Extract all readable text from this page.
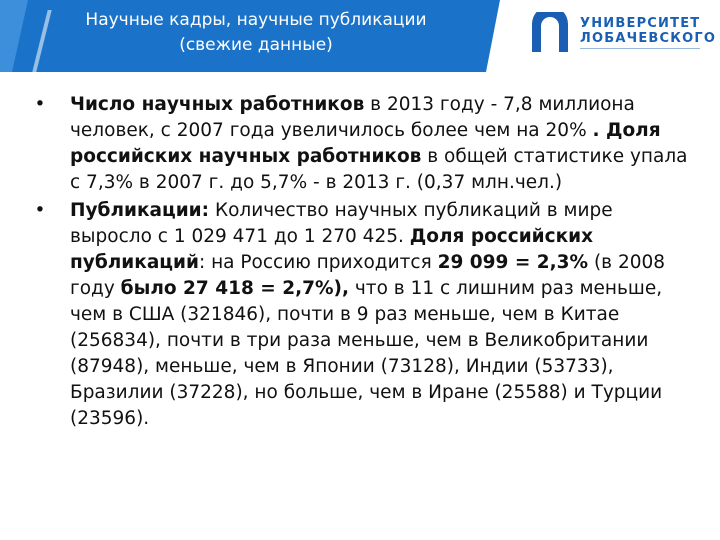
Научные кадры, научные публикации
(свежие данные)
УНИВЕРСИТЕТ
ЛОБАЧЕВСКОГО
• Число научных работников в 2013 году - 7,8 миллиона человек, с 2007 года увеличилось более чем на 20% . Доля российских научных работников в общей статистике упала с 7,3% в 2007 г. до 5,7% - в 2013 г. (0,37 млн.чел.)
• Публикации: Количество научных публикаций в мире выросло с 1 029 471 до 1 270 425. Доля российских публикаций: на Россию приходится 29 099 = 2,3% (в 2008 году было 27 418 = 2,7%), что в 11 с лишним раз меньше, чем в США (321846), почти в 9 раз меньше, чем в Китае (256834), почти в три раза меньше, чем в Великобритании (87948), меньше, чем в Японии (73128), Индии (53733), Бразилии (37228), но больше, чем в Иране (25588) и Турции (23596).
